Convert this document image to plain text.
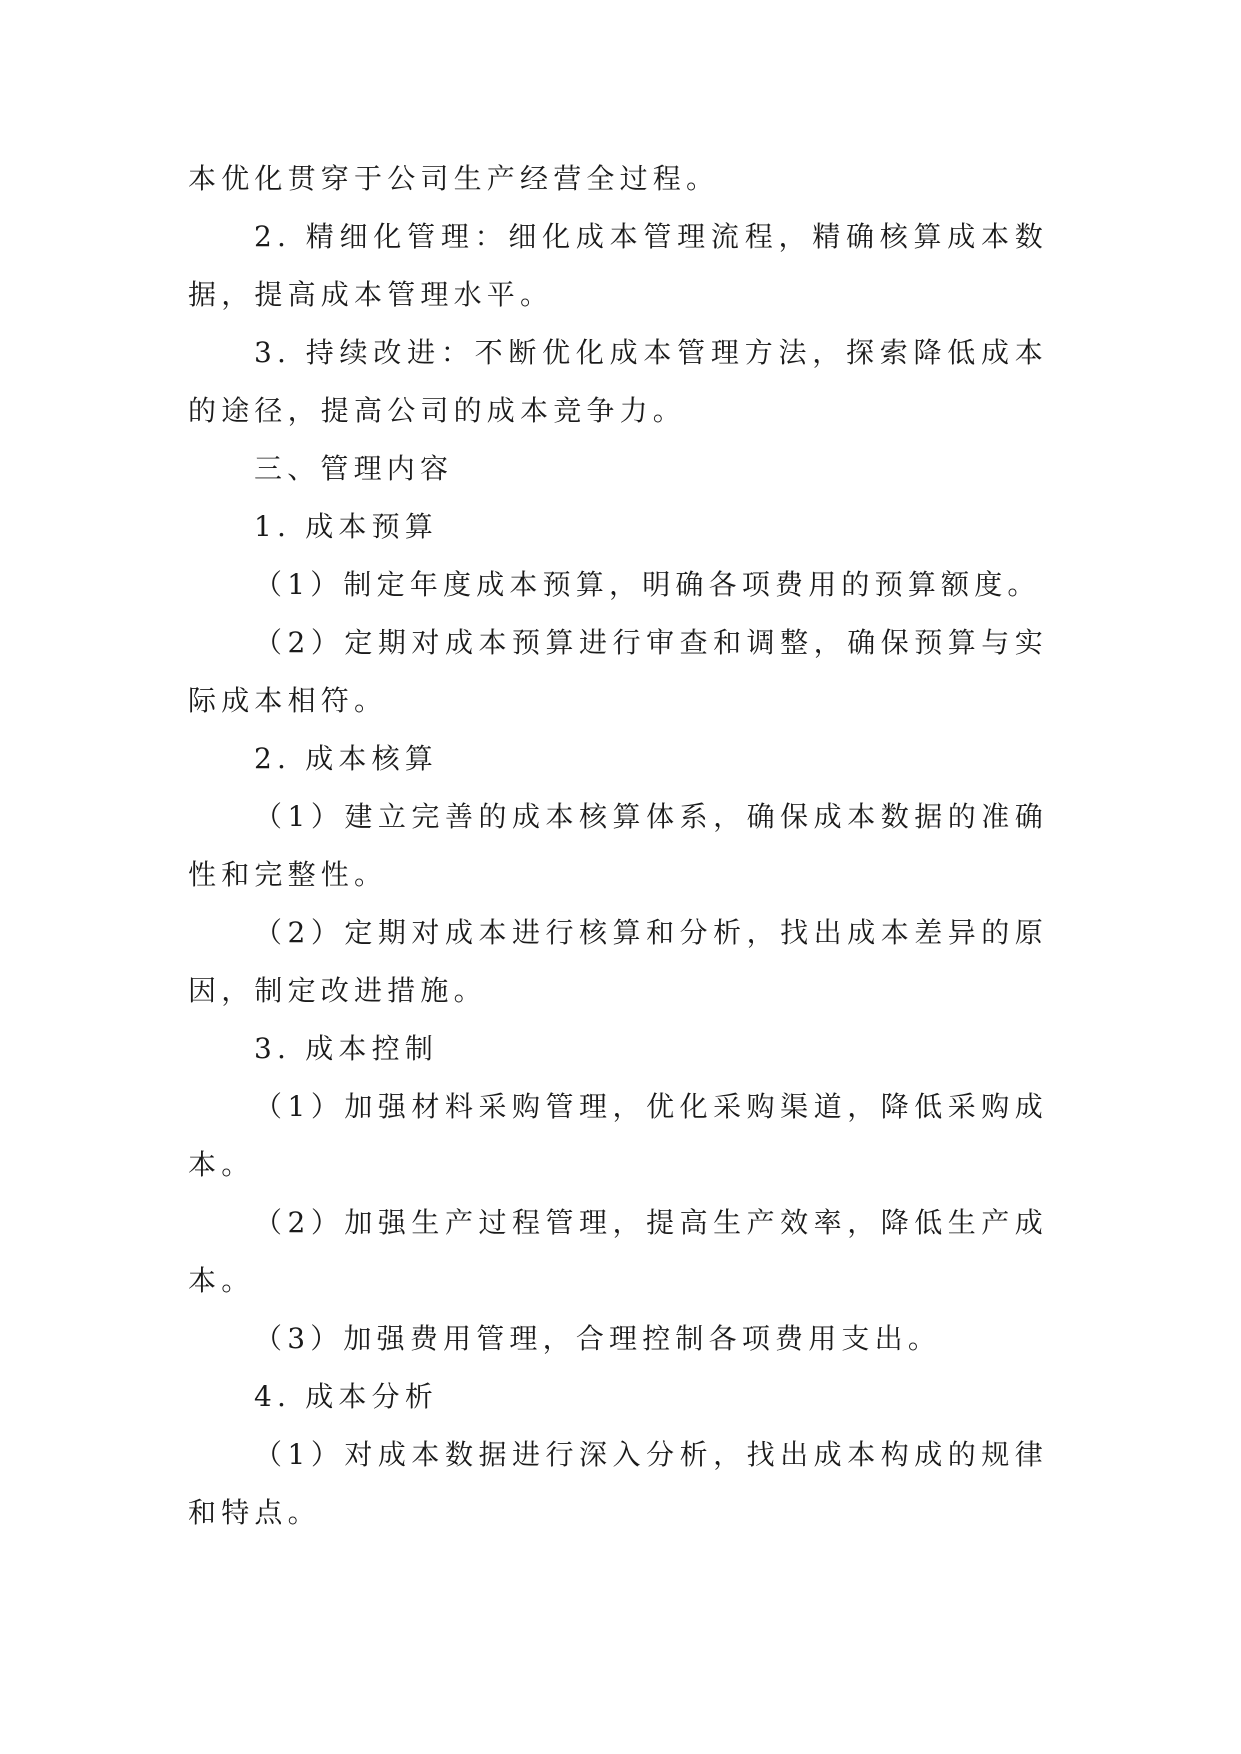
本优化贯穿于公司生产经营全过程。

2. 精细化管理：细化成本管理流程，精确核算成本数据，提高成本管理水平。

3. 持续改进：不断优化成本管理方法，探索降低成本的途径，提高公司的成本竞争力。

三、管理内容

1. 成本预算

（1）制定年度成本预算，明确各项费用的预算额度。

（2）定期对成本预算进行审查和调整，确保预算与实际成本相符。

2. 成本核算

（1）建立完善的成本核算体系，确保成本数据的准确性和完整性。

（2）定期对成本进行核算和分析，找出成本差异的原因，制定改进措施。

3. 成本控制

（1）加强材料采购管理，优化采购渠道，降低采购成本。

（2）加强生产过程管理，提高生产效率，降低生产成本。

（3）加强费用管理，合理控制各项费用支出。

4. 成本分析

（1）对成本数据进行深入分析，找出成本构成的规律和特点。
